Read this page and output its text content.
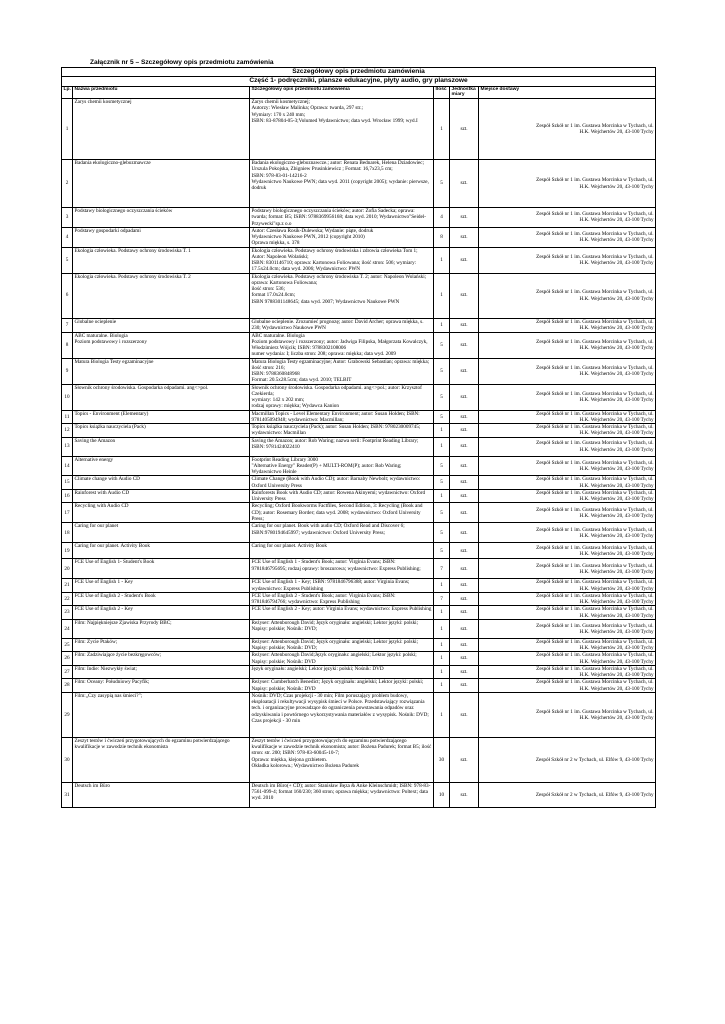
Załącznik nr 5 – Szczegółowy opis przedmiotu zamówienia
Szczegółowy opis przedmiotu zamówienia					
Część 1- podręczniki, plansze edukacyjne, płyty audio, gry planszowe					
Lp.	Nazwa przedmiotu	Szczegółowy opis przedmiotu zamówienia	Ilość	Jednostka miary	Miejsce dostawy
1	Zarys chemii kosmetycznej	Zarys chemii kosmetycznej;
Autorzy: Wiesław Malinka; Oprawa: twarda, 297 str.;
Wymiary: 170 x 240 mm;
ISBN: 83-87804-05-3;Volumed Wydawnictwo; data wyd. Wrocław 1999; wyd.I	1	szt.	Zespół Szkół nr 1 im. Gustawa Morcinka w Tychach, ul.
H.K. Wejchertów 20, 43-100 Tychy
2	Badania ekologiczno-glebozmawcze	Badania ekologiczno-gleboznawcze.; autor: Renata Bednarek, Helena Dziadowiec; Urszula Pokojska, Zbigniew Prusinkiewicz ; Format: 16,7x23,5 cm;
ISBN: 978-83-01-14216-2
Wydawnictwo Naukowe PWN; data wyd. 2011 (copyright 2005); wydanie: pierwsze, dodruk	5	szt.	Zespół Szkół nr 1 im. Gustawa Morcinka w Tychach, ul.
H.K. Wejchertów 20, 43-100 Tychy
3	Podstawy biologicznego oczyszczania ścieków	Podstawy biologicznego oczyszczania ścieków; autor: Zofia Sadecka; oprawa: twarda; format: B5; ISBN: 9788369956168; data wyd. 2010; Wydawnictwo"Seidel-Przywecki"sp.z o.o	4	szt.	Zespół Szkół nr 1 im. Gustawa Morcinka w Tychach, ul.
H.K. Wejchertów 20, 43-100 Tychy
4	Podstawy gospodarki odpadami	Autor: Czesława Rosik-Dulewska; Wydanie: piąte, dodruk
Wydawnictwo Naukowe PWN, 2012 (copyright 2010)
Oprawa miękka, s. 378	8	szt.	Zespół Szkół nr 1 im. Gustawa Morcinka w Tychach, ul.
H.K. Wejchertów 20, 43-100 Tychy
5	Ekologia człowieka. Podstawy ochrony środowiska T. 1	Ekologia człowieka. Podstawy ochrony środowiska i zdrowia człowieka Tom 1; Autor: Napoleon Wolański;
ISBN: 8301146710; oprawa: Kartonowa Foliowana; ilość stron: 506; wymiary: 17.5x24.0cm; data wyd. 2006; Wydawnictwo: PWN	1	szt.	Zespół Szkół nr 1 im. Gustawa Morcinka w Tychach, ul.
H.K. Wejchertów 20, 43-100 Tychy
6	Ekologia człowieka. Podstawy ochrony środowiska T. 2	Ekologia człowieka. Podstawy ochrony środowiska T. 2; autor: Napoleon Wolański;
oprawa: Kartonowa Foliowana;
ilość stron: 536;
format 17.0x24.0cm;
ISBN 9788301148645; data wyd. 2007; Wydawnictwo Naukowe PWN	1	szt.	Zespół Szkół nr 1 im. Gustawa Morcinka w Tychach, ul.
H.K. Wejchertów 20, 43-100 Tychy
7	Globalne ocieplenie	Globalne ocieplenie. Zrozumieć prognozę; autor: David Archer; oprawa miękka, s. 230; Wydawnictwo Naukowe PWN	1	szt.	Zespół Szkół nr 1 im. Gustawa Morcinka w Tychach, ul.
H.K. Wejchertów 20, 43-100 Tychy
8	ABC maturalne. Biologia
Poziom podstawowy i rozszerzony	ABC maturalne. Biologia
Poziom podstawowy i rozszerzony; autor: Jadwiga Filipska, Małgorzata Kowalczyk, Włodzimierz Wójcik; ISBN: 9788302108006
numer wydania: I; liczba stron: 208; oprawa: miękka; data wyd. 2009	5	szt.	Zespół Szkół nr 1 im. Gustawa Morcinka w Tychach, ul.
H.K. Wejchertów 20, 43-100 Tychy
9	Matura Biologia Testy egzaminacyjne	Matura Biologia Testy egzaminacyjne; Autor: Grabowski Sebastian; oprawa: miękka; ilość stron: 216;
ISBN: 9788360848968
Format: 20.5x28.5cm; data wyd. 2010; TELBIT	5	szt.	Zespół Szkół nr 1 im. Gustawa Morcinka w Tychach, ul.
H.K. Wejchertów 20, 43-100 Tychy
10	Słownik ochrony środowiska. Gospodarka odpadami. ang<>pol.	Słownik ochrony środowiska. Gospodarka odpadami. ang<>pol.; autor: Krzysztof Czekierda;
wymiary: 142 x 202 mm;
rodzaj oprawy: miękka; Wydawca Kanion	5	szt.	Zespół Szkół nr 1 im. Gustawa Morcinka w Tychach, ul.
H.K. Wejchertów 20, 43-100 Tychy
11	Topics - Environment (Elementary)	Macmillan Topics - Level Elementary Environment; autor: Susan Holden; ISBN: 9781405094948; wydawnictwo: Macmillan;	5	szt.	Zespół Szkół nr 1 im. Gustawa Morcinka w Tychach, ul.
H.K. Wejchertów 20, 43-100 Tychy
12	Topics książka nauczyciela (Pack)	Topics książka nauczyciela (Pack); autor: Susan Holden; ISBN: 9780230009745; wydawnictwo: Macmillan	1	szt.	Zespół Szkół nr 1 im. Gustawa Morcinka w Tychach, ul.
H.K. Wejchertów 20, 43-100 Tychy
13	Saving the Amazon	Saving the Amazon; autor: Rob Waring; nazwa serii: Footprint Reading Library;
ISBN: 9781424022410	1	szt.	Zespół Szkół nr 1 im. Gustawa Morcinka w Tychach, ul.
H.K. Wejchertów 20, 43-100 Tychy
14	Alternative energy	Footprint Reading Library 3000
"Alternative Energy" Reader(P) + MULTI-ROM(P); autor: Rob Waring; Wydawnictwo Heinle	5	szt.	Zespół Szkół nr 1 im. Gustawa Morcinka w Tychach, ul.
H.K. Wejchertów 20, 43-100 Tychy
15	Climate change with Audio CD	Climate Change (Book with Audio CD); autor: Barnaby Newbolt; wydawnictwo: Oxford University Press	5	szt.	Zespół Szkół nr 1 im. Gustawa Morcinka w Tychach, ul.
H.K. Wejchertów 20, 43-100 Tychy
16	Rainforest with Audio CD	Rainforests Book with Audio CD; autor: Rowena Akinyemi; wydawnictwo: Oxford University Press	1	szt.	Zespół Szkół nr 1 im. Gustawa Morcinka w Tychach, ul.
H.K. Wejchertów 20, 43-100 Tychy
17	Recycling with Audio CD	Recycling; Oxford Bookworms Factfiles, Second Edition, 3: Recycling (Book and CD); autor: Rosemary Border; data wyd. 2008; wydawnictwo: Oxford University Press;	5	szt.	Zespół Szkół nr 1 im. Gustawa Morcinka w Tychach, ul.
H.K. Wejchertów 20, 43-100 Tychy
18	Caring for our planet	Caring for our planet. Book with audio CD; Oxford Read and Discover 6; ISBN:9780194645997; wydawnictwo: Oxford University Press;	5	szt.	Zespół Szkół nr 1 im. Gustawa Morcinka w Tychach, ul.
H.K. Wejchertów 20, 43-100 Tychy
19	Caring for our planet. Activity Book	Caring for our planet. Activity Book	5	szt.	Zespół Szkół nr 1 im. Gustawa Morcinka w Tychach, ul.
H.K. Wejchertów 20, 43-100 Tychy
20	FCE Use of English 1- Student's Book	FCE Use of English 1 - Student's Book; autor: Virginia Evans; ISBN: 9781846795695; rodzaj oprawy: broszurowa; wydawnictwo: Express Publishing;	7	szt.	Zespół Szkół nr 1 im. Gustawa Morcinka w Tychach, ul.
H.K. Wejchertów 20, 43-100 Tychy
21	FCE Use of English 1 - Key	FCE Use of English 1 - Key; ISBN: 9781846796388; autor: Virginia Evans; wydawnictwo: Express Publishing	1	szt.	Zespół Szkół nr 1 im. Gustawa Morcinka w Tychach, ul.
H.K. Wejchertów 20, 43-100 Tychy
22	FCE Use of English 2 - Student's Book	FCE Use of English 2 - Student's Book; autor: Virginia Evans; ISBN: 9781846794766; wydawnictwo: Express Publishing	7	szt.	Zespół Szkół nr 1 im. Gustawa Morcinka w Tychach, ul.
H.K. Wejchertów 20, 43-100 Tychy
23	FCE Use of English 2 - Key	FCE Use of English 2 - Key; autor: Virginia Evans; wydawnictwo: Express Publishing	1	szt.	Zespół Szkół nr 1 im. Gustawa Morcinka w Tychach, ul.
H.K. Wejchertów 20, 43-100 Tychy
24	Film: Najpiękniejsze Zjawiska Przyrody BBC;	Reżyser: Attenborough David; Język oryginału: angielski; Lektor języki: polski; Napisy: polskie; Nośnik: DVD;	1	szt.	Zespół Szkół nr 1 im. Gustawa Morcinka w Tychach, ul.
H.K. Wejchertów 20, 43-100 Tychy
25	Film: Życie Ptaków;	Reżyser: Attenborough David; Język oryginału: angielski; Lektor języki: polski; Napisy: polskie; Nośnik: DVD;	1	szt.	Zespół Szkół nr 1 im. Gustawa Morcinka w Tychach, ul.
H.K. Wejchertów 20, 43-100 Tychy
26	Film: Zadziwiające życie bezkręgowców;	Reżyser: Attenborough David;Język oryginału: angielski; Lektor języki: polski; Napisy: polskie; Nośnik: DVD	1	szt.	Zespół Szkół nr 1 im. Gustawa Morcinka w Tychach, ul.
H.K. Wejchertów 20, 43-100 Tychy
27	Film: Indie: Niezwykły świat;	Język oryginału: angielski; Lektor języki: polski; Nośnik: DVD	1	szt.	Zespół Szkół nr 1 im. Gustawa Morcinka w Tychach, ul.
H.K. Wejchertów 20, 43-100 Tychy
28	Film: Oceany: Południowy Pacyfik;	Reżyser: Cumberbatch Benedict; Język oryginału: angielski; Lektor języki: polski; Napisy: polskie; Nośnik: DVD	1	szt.	Zespół Szkół nr 1 im. Gustawa Morcinka w Tychach, ul.
H.K. Wejchertów 20, 43-100 Tychy
29	Film:„Czy zasypią nas śmieci?";	Nośnik: DVD; Czas projekcji - 30 min; Film poruszający problem budowy, eksploatacji i rekultywacji wysypisk śmieci w Polsce. Przedstawiający rozwiązania tech. i organizacyjne prowadzące do ograniczenia powstawania odpadów oraz odzyskiwania i powtórnego wykorzystywania materiałów z wysypisk. Nośnik: DVD; Czas projekcji - 30 min	1	szt.	Zespół Szkół nr 1 im. Gustawa Morcinka w Tychach, ul.
H.K. Wejchertów 20, 43-100 Tychy
30	Zeszyt testów i ćwiczeń przygotowujących do egzaminu potwierdzającego kwalifikacje w zawodzie technik ekonomista	Zeszyt testów i ćwiczeń przygotowujących do egzaminu potwierdzającego kwalifikacje w zawodzie technik ekonomista; autor: Bożena Padurek; format B5; ilość stron: str. 200; ISBN: 978-83-60045-10-7;
Oprawa: miękka, klejona grzbietem.
Okładka kolorowa.; Wydawnictwo Bożena Padurek	30	szt.	Zespół Szkół nr 2 w Tychach, ul. Elfów 9, 43-100 Tychy
31	Deutsch im Büro	Deutsch im Büro(+ CD); autor: Stanisław Bęza & Anke Kleinschmidt; ISBN: 978-83-7561-099-4; format 160/230; 360 stron; oprawa miękka; wydawnictwo: Poltext; data wyd. 2010	10	szt.	Zespół Szkół nr 2 w Tychach, ul. Elfów 9, 43-100 Tychy
